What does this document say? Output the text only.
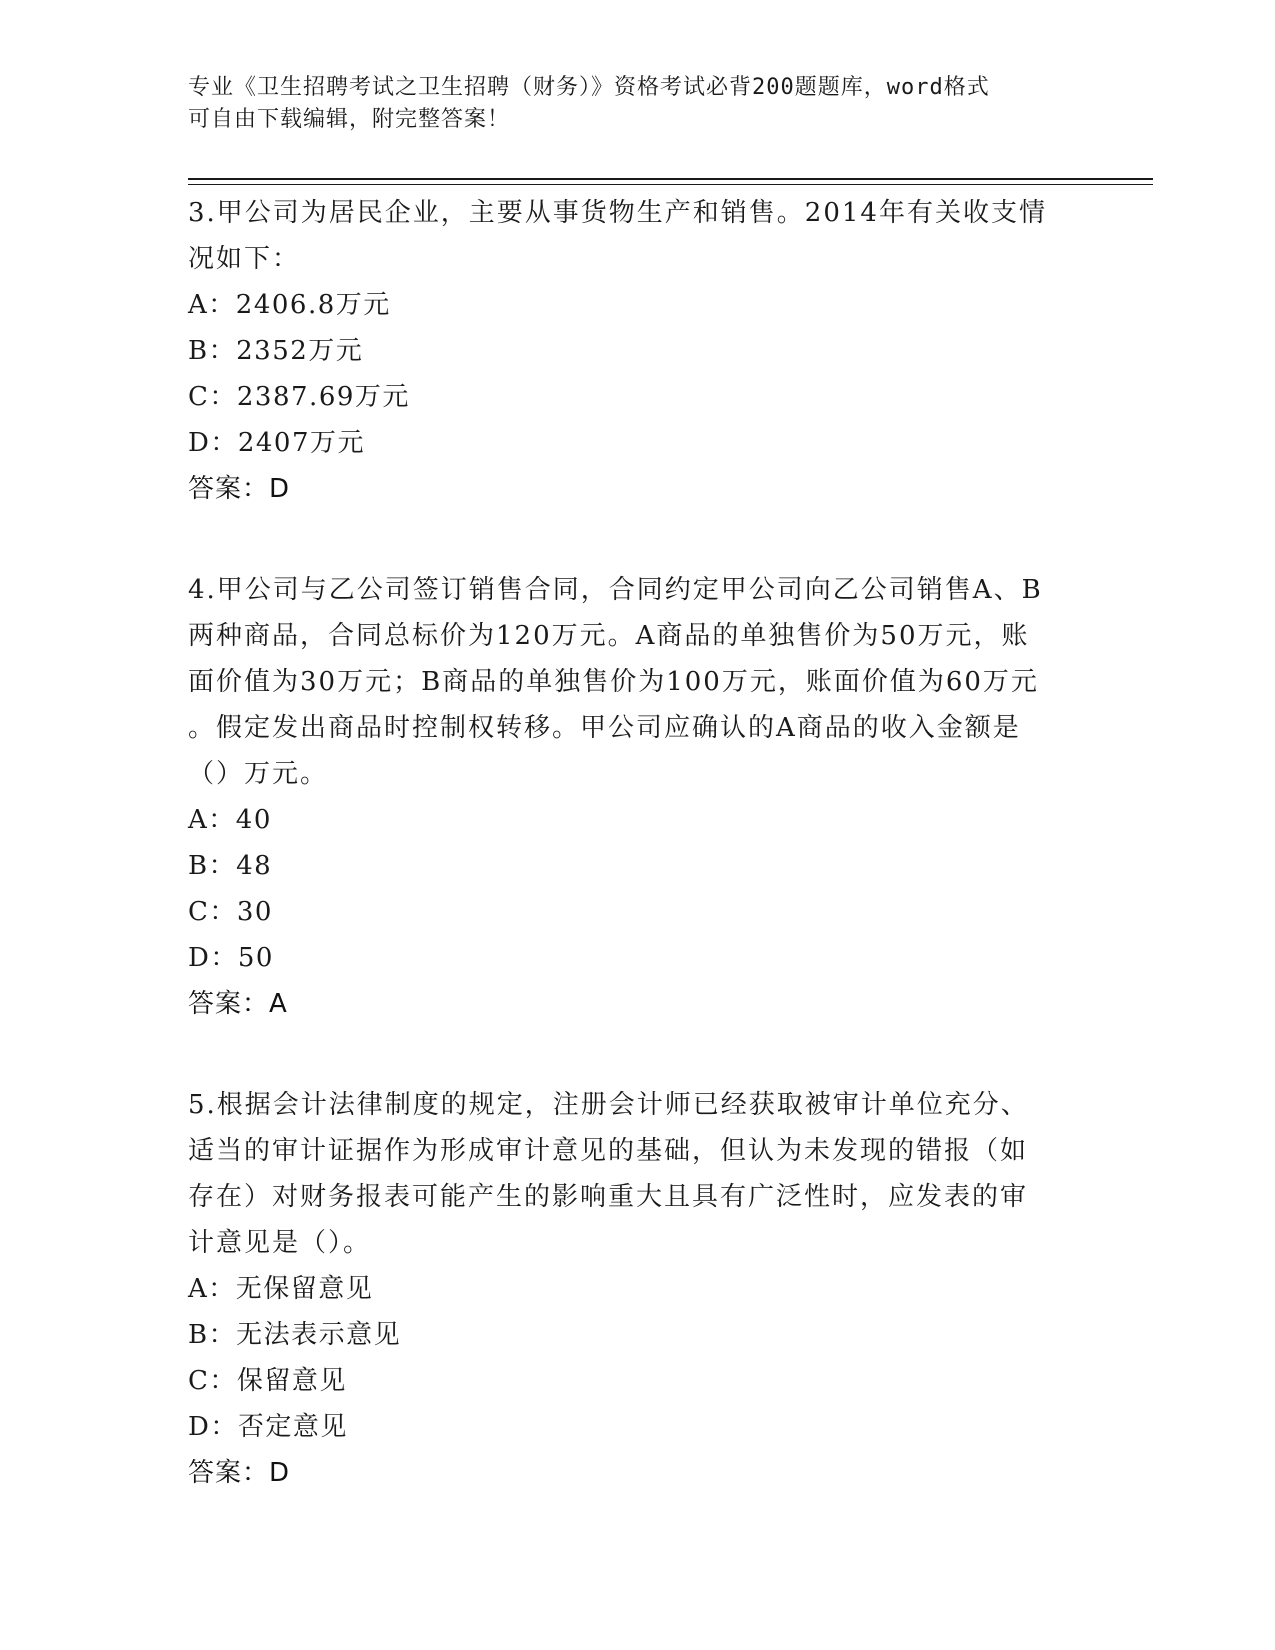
专业《卫生招聘考试之卫生招聘（财务）》资格考试必背200题题库，word格式
可自由下载编辑，附完整答案！
3.甲公司为居民企业，主要从事货物生产和销售。2014年有关收支情
况如下：
A：2406.8万元
B：2352万元
C：2387.69万元
D：2407万元
答案：D
4.甲公司与乙公司签订销售合同，合同约定甲公司向乙公司销售A、B
两种商品，合同总标价为120万元。A商品的单独售价为50万元，账
面价值为30万元；B商品的单独售价为100万元，账面价值为60万元
。假定发出商品时控制权转移。甲公司应确认的A商品的收入金额是
（）万元。
A：40
B：48
C：30
D：50
答案：A
5.根据会计法律制度的规定，注册会计师已经获取被审计单位充分、
适当的审计证据作为形成审计意见的基础，但认为未发现的错报（如
存在）对财务报表可能产生的影响重大且具有广泛性时，应发表的审
计意见是（）。
A：无保留意见
B：无法表示意见
C：保留意见
D：否定意见
答案：D
